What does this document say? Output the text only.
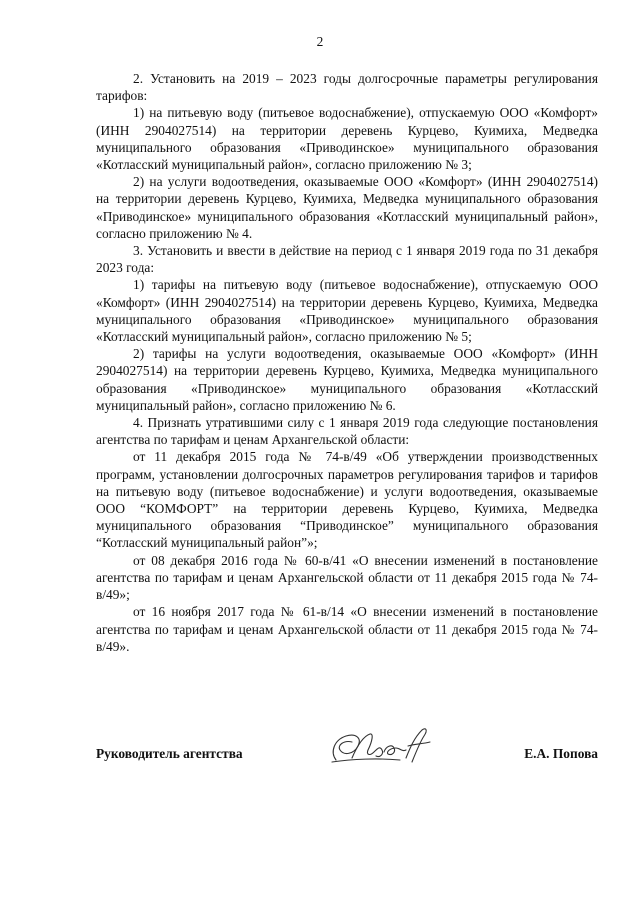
2

2. Установить на 2019 – 2023 годы долгосрочные параметры регулирования тарифов:

1) на питьевую воду (питьевое водоснабжение), отпускаемую ООО «Комфорт» (ИНН 2904027514) на территории деревень Курцево, Куимиха, Медведка муниципального образования «Приводинское» муниципального образования «Котласский муниципальный район», согласно приложению № 3;

2) на услуги водоотведения, оказываемые ООО «Комфорт» (ИНН 2904027514) на территории деревень Курцево, Куимиха, Медведка муниципального образования «Приводинское» муниципального образования «Котласский муниципальный район», согласно приложению № 4.

3. Установить и ввести в действие на период с 1 января 2019 года по 31 декабря 2023 года:

1) тарифы на питьевую воду (питьевое водоснабжение), отпускаемую ООО «Комфорт» (ИНН 2904027514) на территории деревень Курцево, Куимиха, Медведка муниципального образования «Приводинское» муниципального образования «Котласский муниципальный район», согласно приложению № 5;

2) тарифы на услуги водоотведения, оказываемые ООО «Комфорт» (ИНН 2904027514) на территории деревень Курцево, Куимиха, Медведка муниципального образования «Приводинское» муниципального образования «Котласский муниципальный район», согласно приложению № 6.

4. Признать утратившими силу с 1 января 2019 года следующие постановления агентства по тарифам и ценам Архангельской области:

от 11 декабря 2015 года № 74-в/49 «Об утверждении производственных программ, установлении долгосрочных параметров регулирования тарифов и тарифов на питьевую воду (питьевое водоснабжение) и услуги водоотведения, оказываемые ООО “КОМФОРТ” на территории деревень Курцево, Куимиха, Медведка муниципального образования “Приводинское” муниципального образования “Котласский муниципальный район”»;

от 08 декабря 2016 года № 60-в/41 «О внесении изменений в постановление агентства по тарифам и ценам Архангельской области от 11 декабря 2015 года № 74-в/49»;

от 16 ноября 2017 года № 61-в/14 «О внесении изменений в постановление агентства по тарифам и ценам Архангельской области от 11 декабря 2015 года № 74-в/49».

Руководитель агентства	Е.А. Попова
